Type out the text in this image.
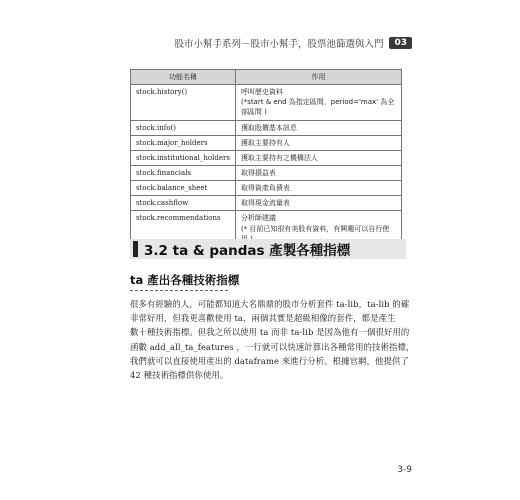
股市小幫手系列－股市小幫手，股票池篩選與入門	03
功能名稱	作用
stock.history()	呼叫歷史資料
(*start & end 為指定區間，period='max' 為全部區間 )

stock.info()	獲取股價基本訊息

stock.major_holders	獲取主要持有人

stock.institutional_holders	獲取主要持有之機構法人

stock.financials	取得損益表

stock.balance_sheet	取得資產負債表

stock.cashflow	取得現金流量表

stock.recommendations	分析師建議
(* 目前已知很有美股有資料，有興趣可以自行使
3.2 ta & pandas 產製各種指標
ta 產出各種技術指標
很多有經驗的人，可能都知道大名鼎鼎的股市分析套件 ta-lib，ta-lib 的確
非常好用，但我更喜歡使用 ta，兩個其實是超級相像的套件，都是產生
數十種技術指標。但我之所以使用 ta 而非 ta-lib 是因為他有一個很好用的
函數 add_all_ta_features ，一行就可以快速計算出各種常用的技術指標，
我們就可以直接使用產出的 dataframe 來進行分析。根據官網，他提供了
42 種技術指標供你使用。
3-9
